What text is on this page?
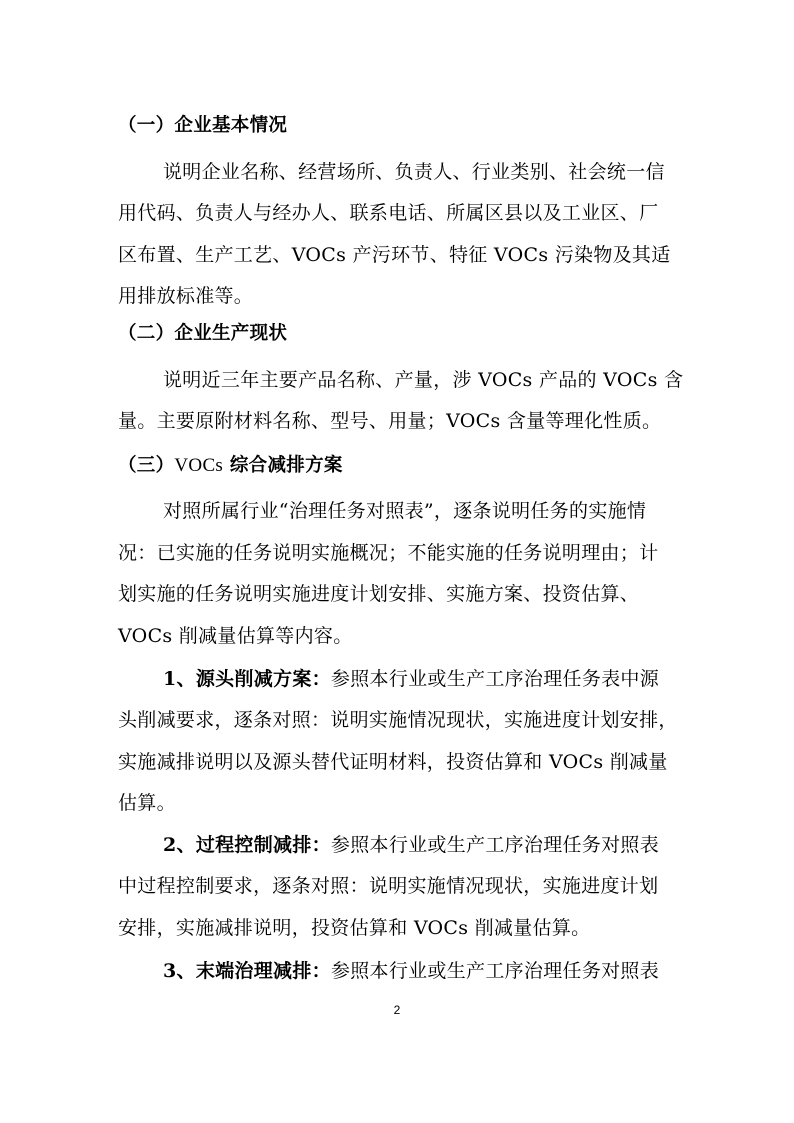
（一）企业基本情况
说明企业名称、经营场所、负责人、行业类别、社会统一信
用代码、负责人与经办人、联系电话、所属区县以及工业区、厂
区布置、生产工艺、VOCs 产污环节、特征 VOCs 污染物及其适
用排放标准等。
（二）企业生产现状
说明近三年主要产品名称、产量，涉 VOCs 产品的 VOCs 含
量。主要原附材料名称、型号、用量；VOCs 含量等理化性质。
（三）VOCs 综合减排方案
对照所属行业“治理任务对照表”，逐条说明任务的实施情
况：已实施的任务说明实施概况；不能实施的任务说明理由；计
划实施的任务说明实施进度计划安排、实施方案、投资估算、
VOCs 削减量估算等内容。
1、源头削减方案：参照本行业或生产工序治理任务表中源
头削减要求，逐条对照：说明实施情况现状，实施进度计划安排，
实施减排说明以及源头替代证明材料，投资估算和 VOCs 削减量
估算。
2、过程控制减排：参照本行业或生产工序治理任务对照表
中过程控制要求，逐条对照：说明实施情况现状，实施进度计划
安排，实施减排说明，投资估算和 VOCs 削减量估算。
3、末端治理减排：参照本行业或生产工序治理任务对照表
2
